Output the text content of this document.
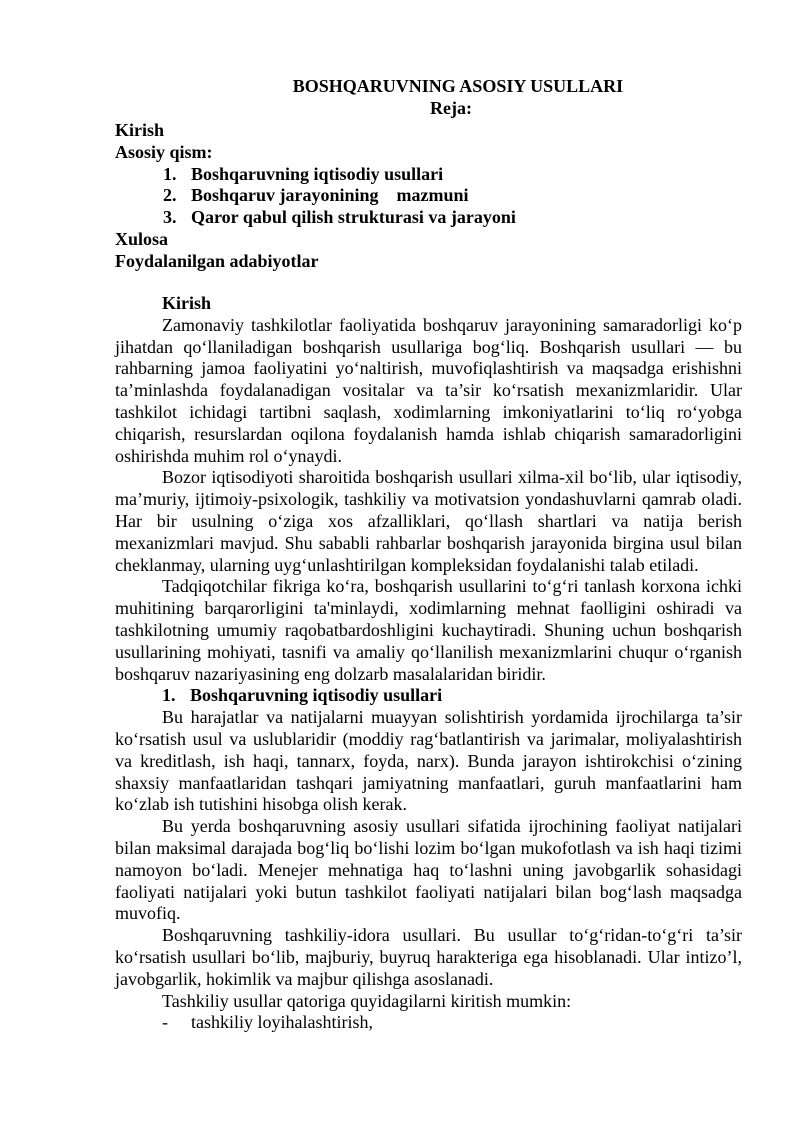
BOSHQARUVNING ASOSIY USULLARI
Reja:
Kirish
Asosiy qism:
1. Boshqaruvning iqtisodiy usullari
2. Boshqaruv jarayonining    mazmuni
3. Qaror qabul qilish strukturasi va jarayoni
Xulosa
Foydalanilgan adabiyotlar

Kirish

Zamonaviy tashkilotlar faoliyatida boshqaruv jarayonining samaradorligi ko‘p jihatdan qo‘llaniladigan boshqarish usullariga bog‘liq. Boshqarish usullari — bu rahbarning jamoa faoliyatini yo‘naltirish, muvofiqlashtirish va maqsadga erishishni ta’minlashda foydalanadigan vositalar va ta’sir ko‘rsatish mexanizmlaridir. Ular tashkilot ichidagi tartibni saqlash, xodimlarning imkoniyatlarini to‘liq ro‘yobga chiqarish, resurslardan oqilona foydalanish hamda ishlab chiqarish samaradorligini oshirishda muhim rol o‘ynaydi.

Bozor iqtisodiyoti sharoitida boshqarish usullari xilma-xil bo‘lib, ular iqtisodiy, ma’muriy, ijtimoiy-psixologik, tashkiliy va motivatsion yondashuvlarni qamrab oladi. Har bir usulning o‘ziga xos afzalliklari, qo‘llash shartlari va natija berish mexanizmlari mavjud. Shu sababli rahbarlar boshqarish jarayonida birgina usul bilan cheklanmay, ularning uyg‘unlashtirilgan kompleksidan foydalanishi talab etiladi.

Tadqiqotchilar fikriga ko‘ra, boshqarish usullarini to‘g‘ri tanlash korxona ichki muhitining barqarorligini ta'minlaydi, xodimlarning mehnat faolligini oshiradi va tashkilotning umumiy raqobatbardoshligini kuchaytiradi. Shuning uchun boshqarish usullarining mohiyati, tasnifi va amaliy qo‘llanilish mexanizmlarini chuqur o‘rganish boshqaruv nazariyasining eng dolzarb masalalaridan biridir.

1. Boshqaruvning iqtisodiy usullari

Bu harajatlar va natijalarni muayyan solishtirish yordamida ijrochilarga ta’sir ko‘rsatish usul va uslublaridir (moddiy rag‘batlantirish va jarimalar, moliyalashtirish va kreditlash, ish haqi, tannarx, foyda, narx). Bunda jarayon ishtirokchisi o‘zining shaxsiy manfaatlaridan tashqari jamiyatning manfaatlari, guruh manfaatlarini ham ko‘zlab ish tutishini hisobga olish kerak.

Bu yerda boshqaruvning asosiy usullari sifatida ijrochining faoliyat natijalari bilan maksimal darajada bog‘liq bo‘lishi lozim bo‘lgan mukofotlash va ish haqi tizimi namoyon bo‘ladi. Menejer mehnatiga haq to‘lashni uning javobgarlik sohasidagi faoliyati natijalari yoki butun tashkilot faoliyati natijalari bilan bog‘lash maqsadga muvofiq.

Boshqaruvning tashkiliy-idora usullari. Bu usullar to‘g‘ridan-to‘g‘ri ta’sir ko‘rsatish usullari bo‘lib, majburiy, buyruq harakteriga ega hisoblanadi. Ular intizo’l, javobgarlik, hokimlik va majbur qilishga asoslanadi.

Tashkiliy usullar qatoriga quyidagilarni kiritish mumkin:

- tashkiliy loyihalashtirish,
